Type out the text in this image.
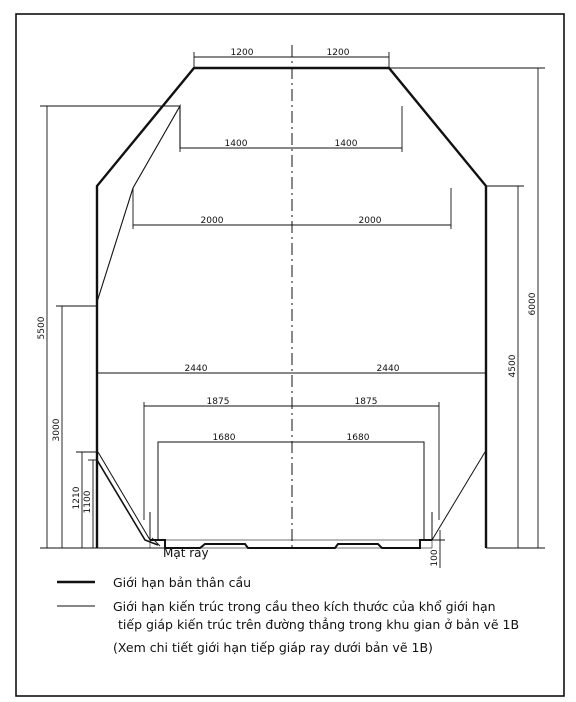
1200	1200
1400	1400
2000	2000
2440	2440
1875	1875
1680	1680
5500
3000
1210 1100
6000
4500
100
Mặt ray
Giới hạn bản thân cầu
Giới hạn kiến trúc trong cầu theo kích thước của khổ giới hạn
tiếp giáp kiến trúc trên đường thẳng trong khu gian ở bản vẽ 1B
(Xem chi tiết giới hạn tiếp giáp ray dưới bản vẽ 1B)
